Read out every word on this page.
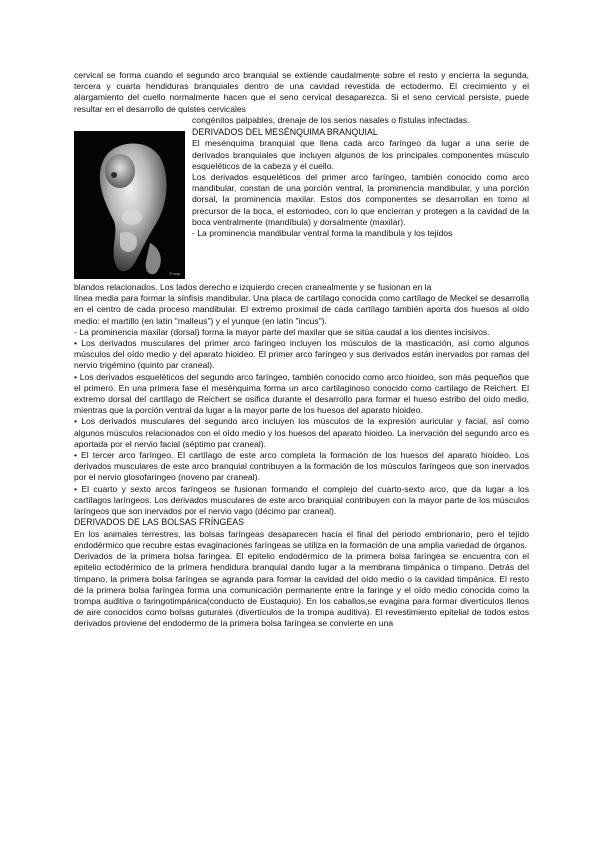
cervical se forma cuando el segundo arco branquial se extiende caudalmente sobre el resto y encierra la segunda, tercera y cuarta hendiduras branquiales dentro de una cavidad revestida de ectodermo. El crecimiento y el alargamiento del cuello normalmente hacen que el seno cervical desaparezca. Si el seno cervical persiste, puede resultar en el desarrollo de quistes cervicales

congénitos palpables, drenaje de los senos nasales o fístulas infectadas.

© cop.

DERIVADOS DEL MESÉNQUIMA BRANQUIAL

El mesénquima branquial que llena cada arco faríngeo da lugar a una serie de derivados branquiales que incluyen algunos de los principales componentes músculo esqueléticos de la cabeza y el cuello.

Los derivados esqueléticos del primer arco faríngeo, también conocido como arco mandibular, constan de una porción ventral, la prominencia mandibular, y una porción dorsal, la prominencia maxilar. Estos dos componentes se desarrollan en torno al precursor de la boca, el estomodeo, con lo que encierran y protegen a la cavidad de la boca ventralmente (mandíbula) y dorsalmente (maxilar).

- La prominencia mandibular ventral forma la mandíbula y los tejidos

blandos relacionados. Los lados derecho e izquierdo crecen cranealmente y se fusionan en la

línea media para formar la sínfisis mandibular. Una placa de cartílago conocida como cartílago de Meckel se desarrolla en el centro de cada proceso mandibular. El extremo proximal de cada cartílago también aporta dos huesos al oído medio: el martillo (en latín "malleus") y el yunque (en latín "incus").

- La prominencia maxilar (dorsal) forma la mayor parte del maxilar que se sitúa caudal a los dientes incisivos.

• Los derivados musculares del primer arco faríngeo incluyen los músculos de la masticación, así como algunos músculos del oído medio y del aparato hioideo. El primer arco faríngeo y sus derivados están inervados por ramas del nervio trigémino (quinto par craneal).

• Los derivados esqueléticos del segundo arco faríngeo, también conocido como arco hioideo, son más pequeños que el primero. En una primera fase el mesénquima forma un arco cartilaginoso conocido como cartílago de Reichert. El extremo dorsal del cartílago de Reichert se osifica durante el desarrollo para formar el hueso estribo del oído medio, mientras que la porción ventral da lugar a la mayor parte de los huesos del aparato hioideo.

• Los derivados musculares del segundo arco incluyen los músculos de la expresión auricular y facial, así como algunos músculos relacionados con el oído medio y los huesos del aparato hioideo. La inervación del segundo arco es aportada por el nervio facial (séptimo par craneal).

• El tercer arco faríngeo. El cartílago de este arco completa la formación de los huesos del aparato hioideo. Los derivados musculares de este arco branquial contribuyen a la formación de los músculos faríngeos que son inervados por el nervio glosofaríngeo (noveno par craneal).

• El cuarto y sexto arcos faríngeos se fusionan formando el complejo del cuarto-sexto arco, que da lugar a los cartílagos laríngeos. Los derivados musculares de este arco branquial contribuyen con la mayor parte de los músculos laríngeos que son inervados por el nervio vago (décimo par craneal).

DERIVADOS DE LAS BOLSAS FRÍNGEAS

En los animales terrestres, las bolsas faríngeas desaparecen hacia el final del periodo embrionario, pero el tejido endodérmico que recubre estas evaginaciones faríngeas se utiliza en la formación de una amplia variedad de órganos.

Derivados de la primera bolsa faríngea. El epitelio endodérmico de la primera bolsa faríngea se encuentra con el epitelio ectodérmico de la primera hendidura branquial dando lugar a la membrana timpánica o tímpano. Detrás del tímpano, la primera bolsa faríngea se agranda para formar la cavidad del oído medio o la cavidad timpánica. El resto de la primera bolsa faríngea forma una comunicación permanente entre la faringe y el oído medio conocida como la trompa auditiva o faringotimpánica(conducto de Eustaquio). En los caballos,se evagina para formar divertículos llenos de aire conocidos como bolsas guturales (divertículos de la trompa auditiva). El revestimiento epitelial de todos estos derivados proviene del endodermo de la primera bolsa faríngea se convierte en una
